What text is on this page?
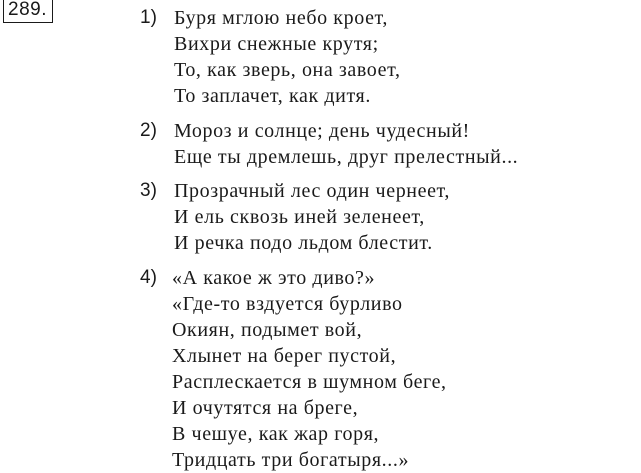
289.	1) Буря мглою небо кроет,
Вихри снежные крутя;
То, как зверь, она завоет,
То заплачет, как дитя.
2) Мороз и солнце; день чудесный!
Еще ты дремлешь, друг прелестный...
3) Прозрачный лес один чернеет,
И ель сквозь иней зеленеет,
И речка подо льдом блестит.
4) «А какое ж это диво?»
«Где-то вздуется бурливо
Окиян, подымет вой,
Хлынет на берег пустой,
Расплескается в шумном беге,
И очутятся на бреге,
В чешуе, как жар горя,
Тридцать три богатыря...»
